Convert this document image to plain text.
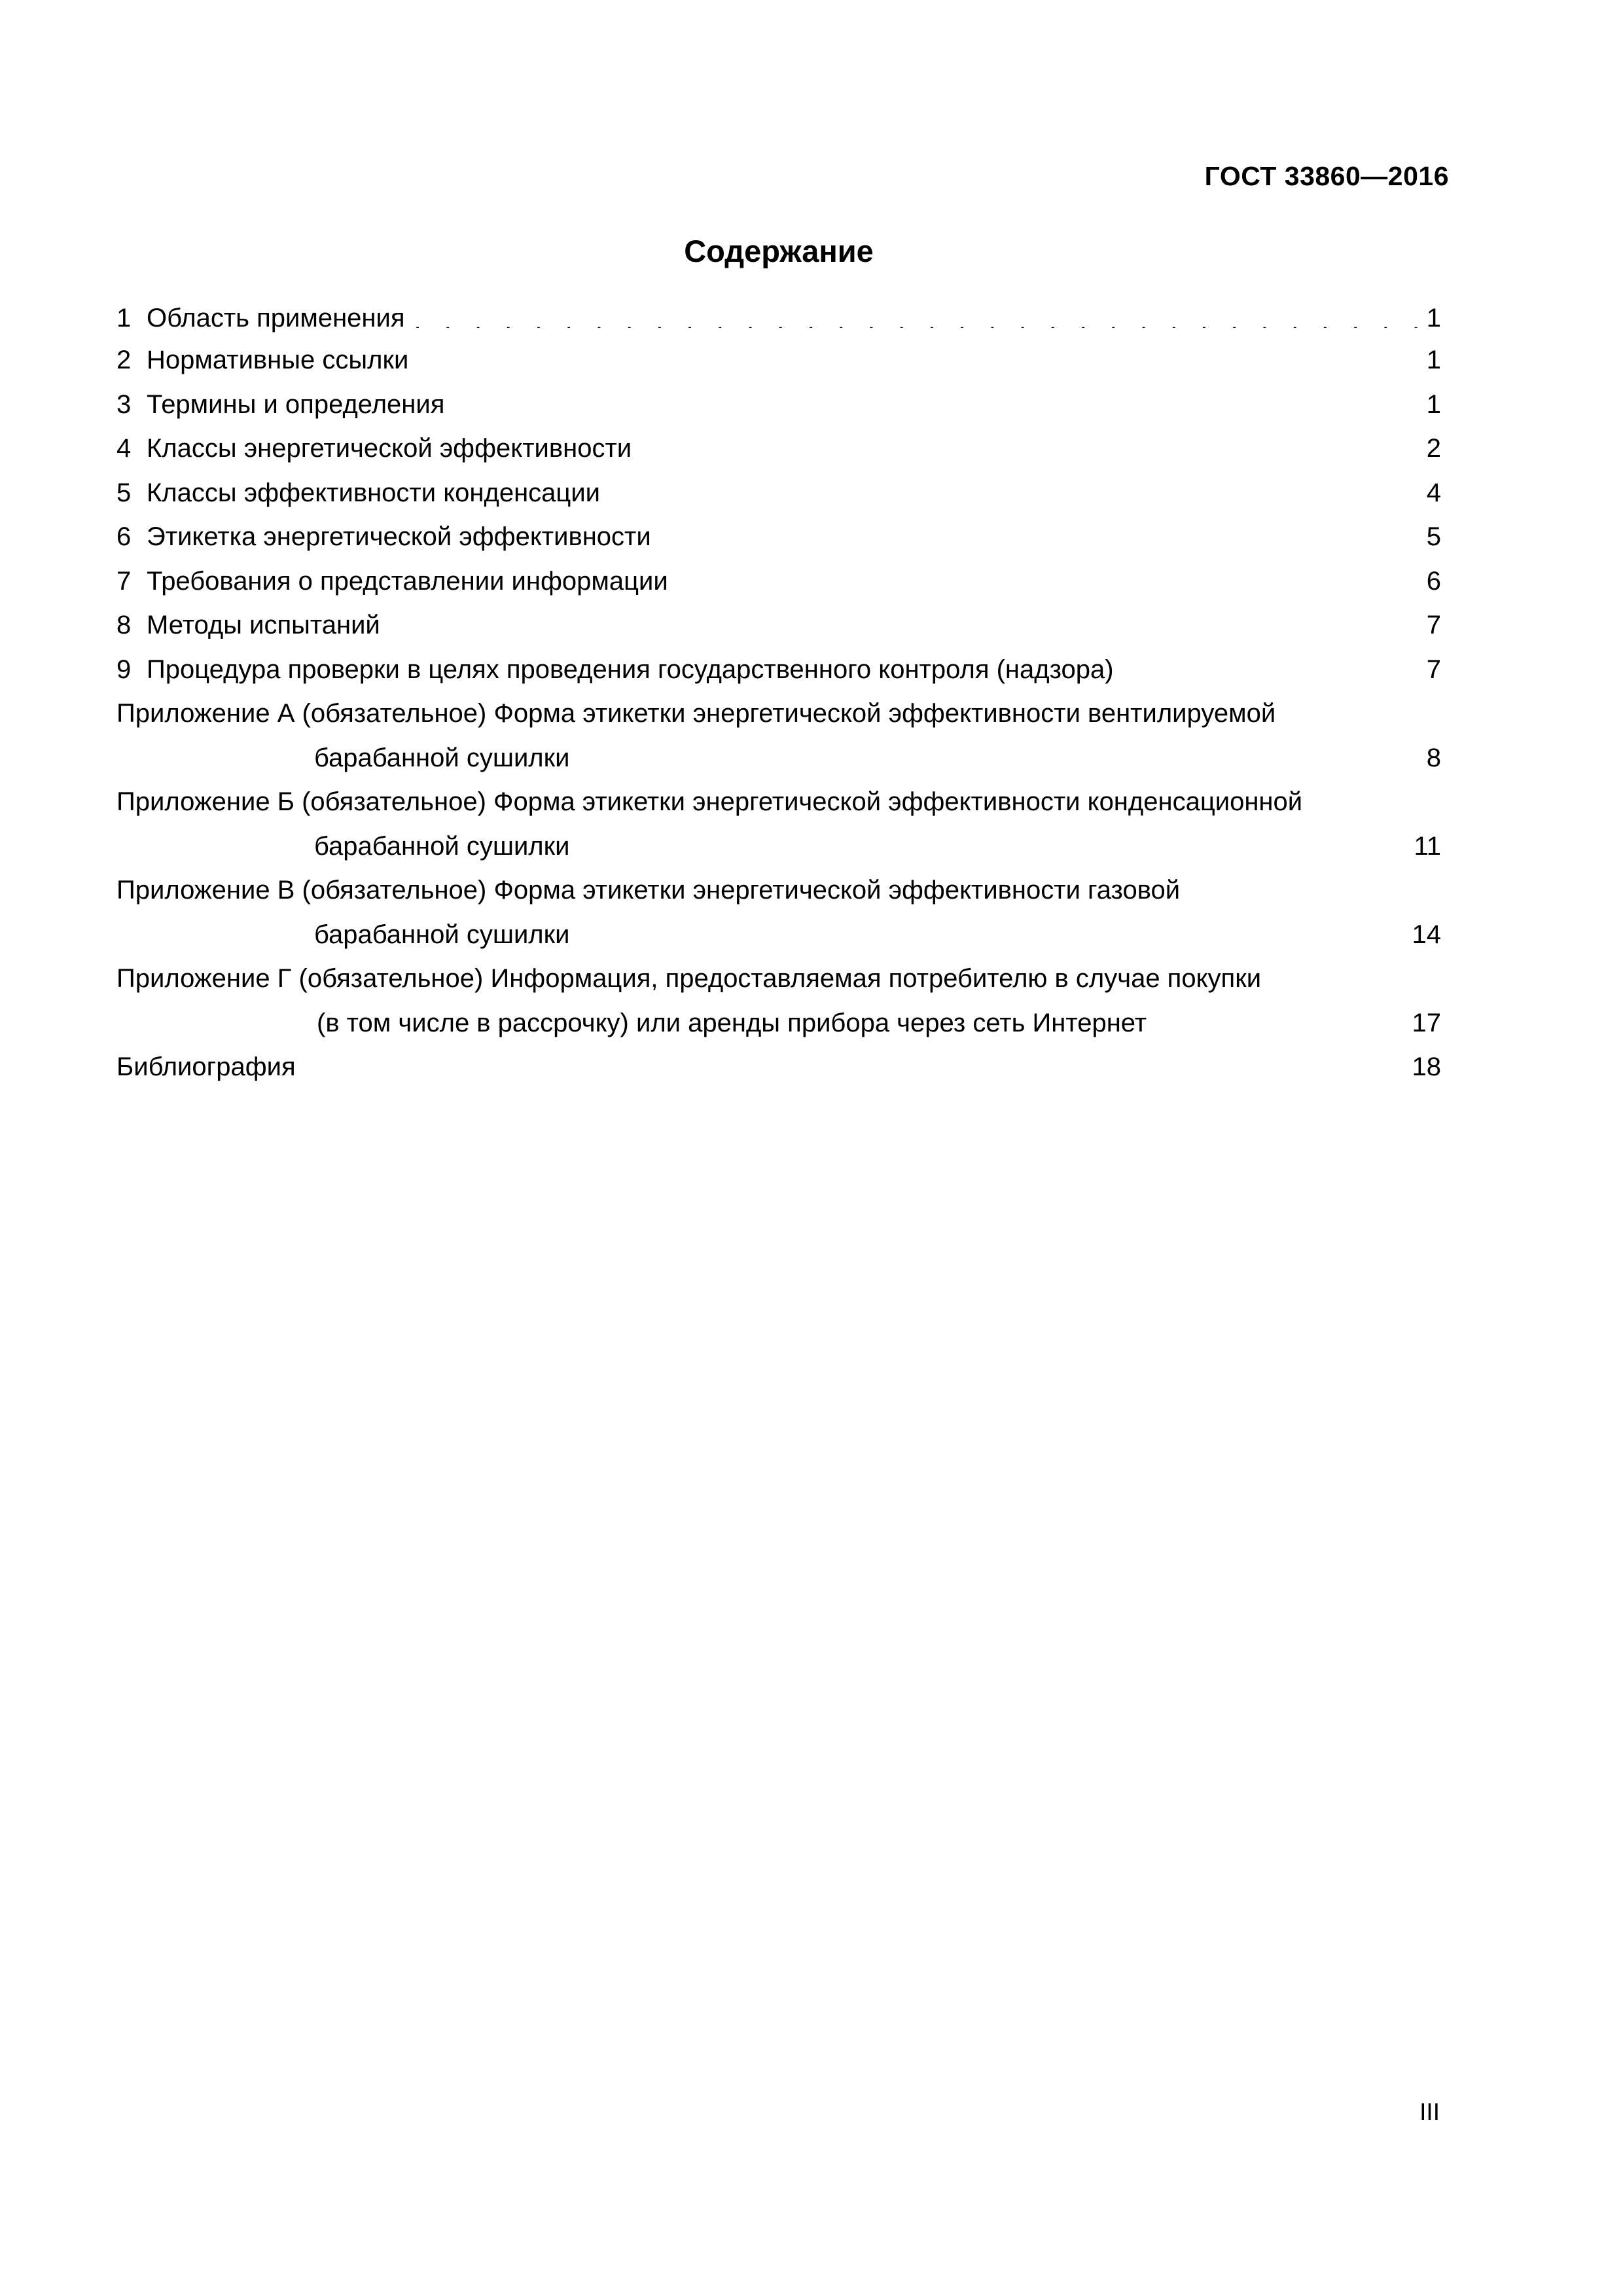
ГОСТ 33860—2016
Содержание
1 Область применения . . .	1
2 Нормативные ссылки . . .	1
3 Термины и определения . . .	1
4 Классы энергетической эффективности . . .	2
5 Классы эффективности конденсации . . .	4
6 Этикетка энергетической эффективности . . .	5
7 Требования о представлении информации . . .	6
8 Методы испытаний . . .	7
9 Процедура проверки в целях проведения государственного контроля (надзора) . . .	7
Приложение А (обязательное) Форма этикетки энергетической эффективности вентилируемой
барабанной сушилки . . .	8
Приложение Б (обязательное) Форма этикетки энергетической эффективности конденсационной
барабанной сушилки . . .	11
Приложение В (обязательное) Форма этикетки энергетической эффективности газовой
барабанной сушилки . . .	14
Приложение Г (обязательное) Информация, предоставляемая потребителю в случае покупки
(в том числе в рассрочку) или аренды прибора через сеть Интернет . . .	17
Библиография . . .	18
III
